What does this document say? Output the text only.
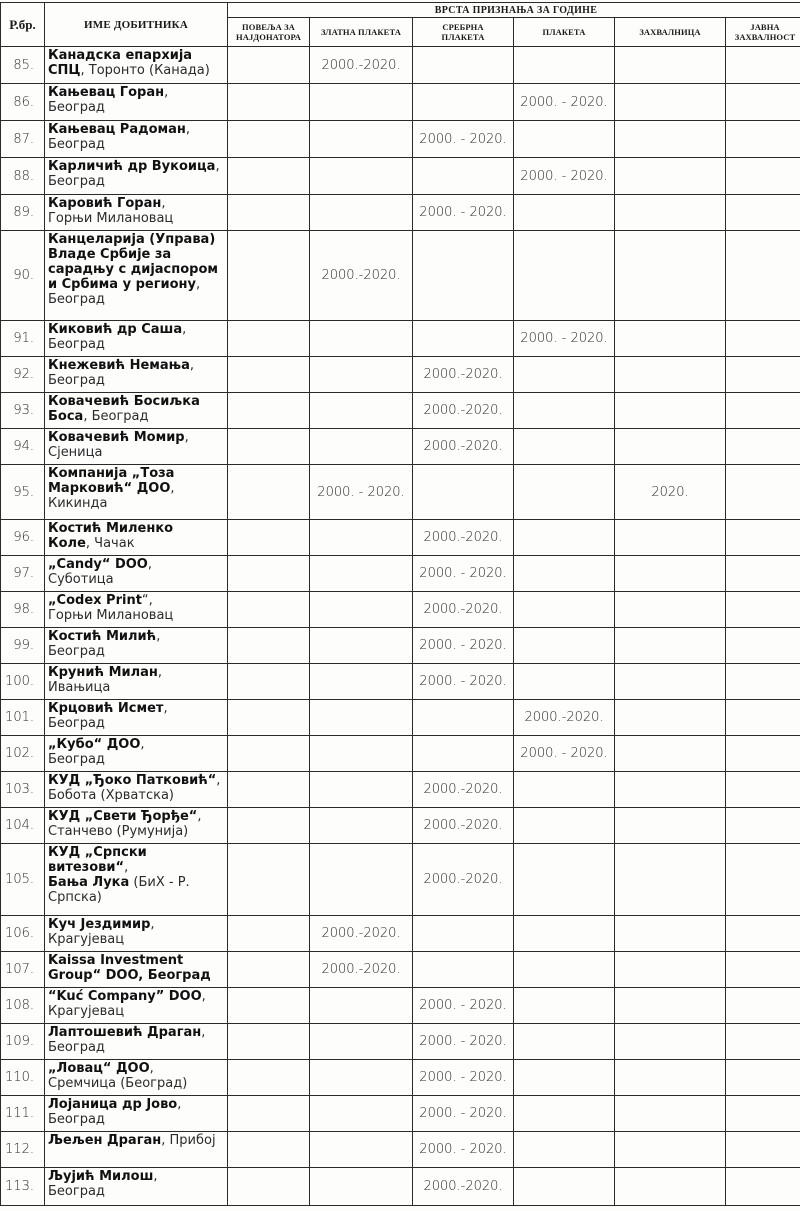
Р.бр.	ИМЕ ДОБИТНИКА	ВРСТА ПРИЗНАЊА ЗА ГОДИНЕ					
		ПОВЕЉА ЗА
НАЈДОНАТОРА	ЗЛАТНА ПЛАКЕТА	СРЕБРНА
ПЛАКЕТА	ПЛАКЕТА	ЗАХВАЛНИЦА	ЈАВНА
ЗАХВАЛНОСТ
85.	Канадска епархија
СПЦ, Торонто (Канада)		2000.-2020.				
86.	Кањевац Горан,
Београд				2000. - 2020.		
87.	Кањевац Радоман,
Београд			2000. - 2020.			
88.	Карличић др Вукоица,
Београд				2000. - 2020.		
89.	Каровић Горан,
Горњи Милановац			2000. - 2020.			
90.	Канцеларија (Управа)
Владе Србије за
сарадњу с дијаспором
и Србима у региону,
Београд		2000.-2020.				
91.	Киковић др Саша,
Београд				2000. - 2020.		
92.	Кнежевић Немања,
Београд			2000.-2020.			
93.	Ковачевић Босиљка
Боса, Београд			2000.-2020.			
94.	Ковачевић Момир,
Сјеница			2000.-2020.			
95.	Компанија „Тоза
Марковић“ ДОО,
Кикинда		2000. - 2020.			2020.	
96.	Костић Миленко
Коле, Чачак			2000.-2020.			
97.	„Candy“ DOO,
Суботица			2000. - 2020.			
98.	„Codex Print“,
Горњи Милановац			2000.-2020.			
99.	Костић Милић,
Београд			2000. - 2020.			
100.	Крунић Милан,
Ивањица			2000. - 2020.			
101.	Крцовић Исмет,
Београд				2000.-2020.		
102.	„Кубо“ ДОО,
Београд				2000. - 2020.		
103.	КУД „Ђоко Патковић“,
Бобота (Хрватска)			2000.-2020.			
104.	КУД „Свети Ђорђе“,
Станчево (Румунија)			2000.-2020.			
105.	КУД „Српски
витезови“,
Бања Лука (БиХ - Р.
Српска)			2000.-2020.			
106.	Куч Јездимир,
Крагујевац		2000.-2020.				
107.	Kaissa Investment
Group“ DOO, Београд		2000.-2020.				
108.	“Kuć Company” DOO,
Крагујевац			2000. - 2020.			
109.	Лаптошевић Драган,
Београд			2000. - 2020.			
110.	„Ловац“ ДОО,
Сремчица (Београд)			2000. - 2020.			
111.	Лојаница др Јово,
Београд			2000. - 2020.			
112.	Љељен Драган, Прибој			2000. - 2020.			
113.	Љујић Милош,
Београд			2000.-2020.			
